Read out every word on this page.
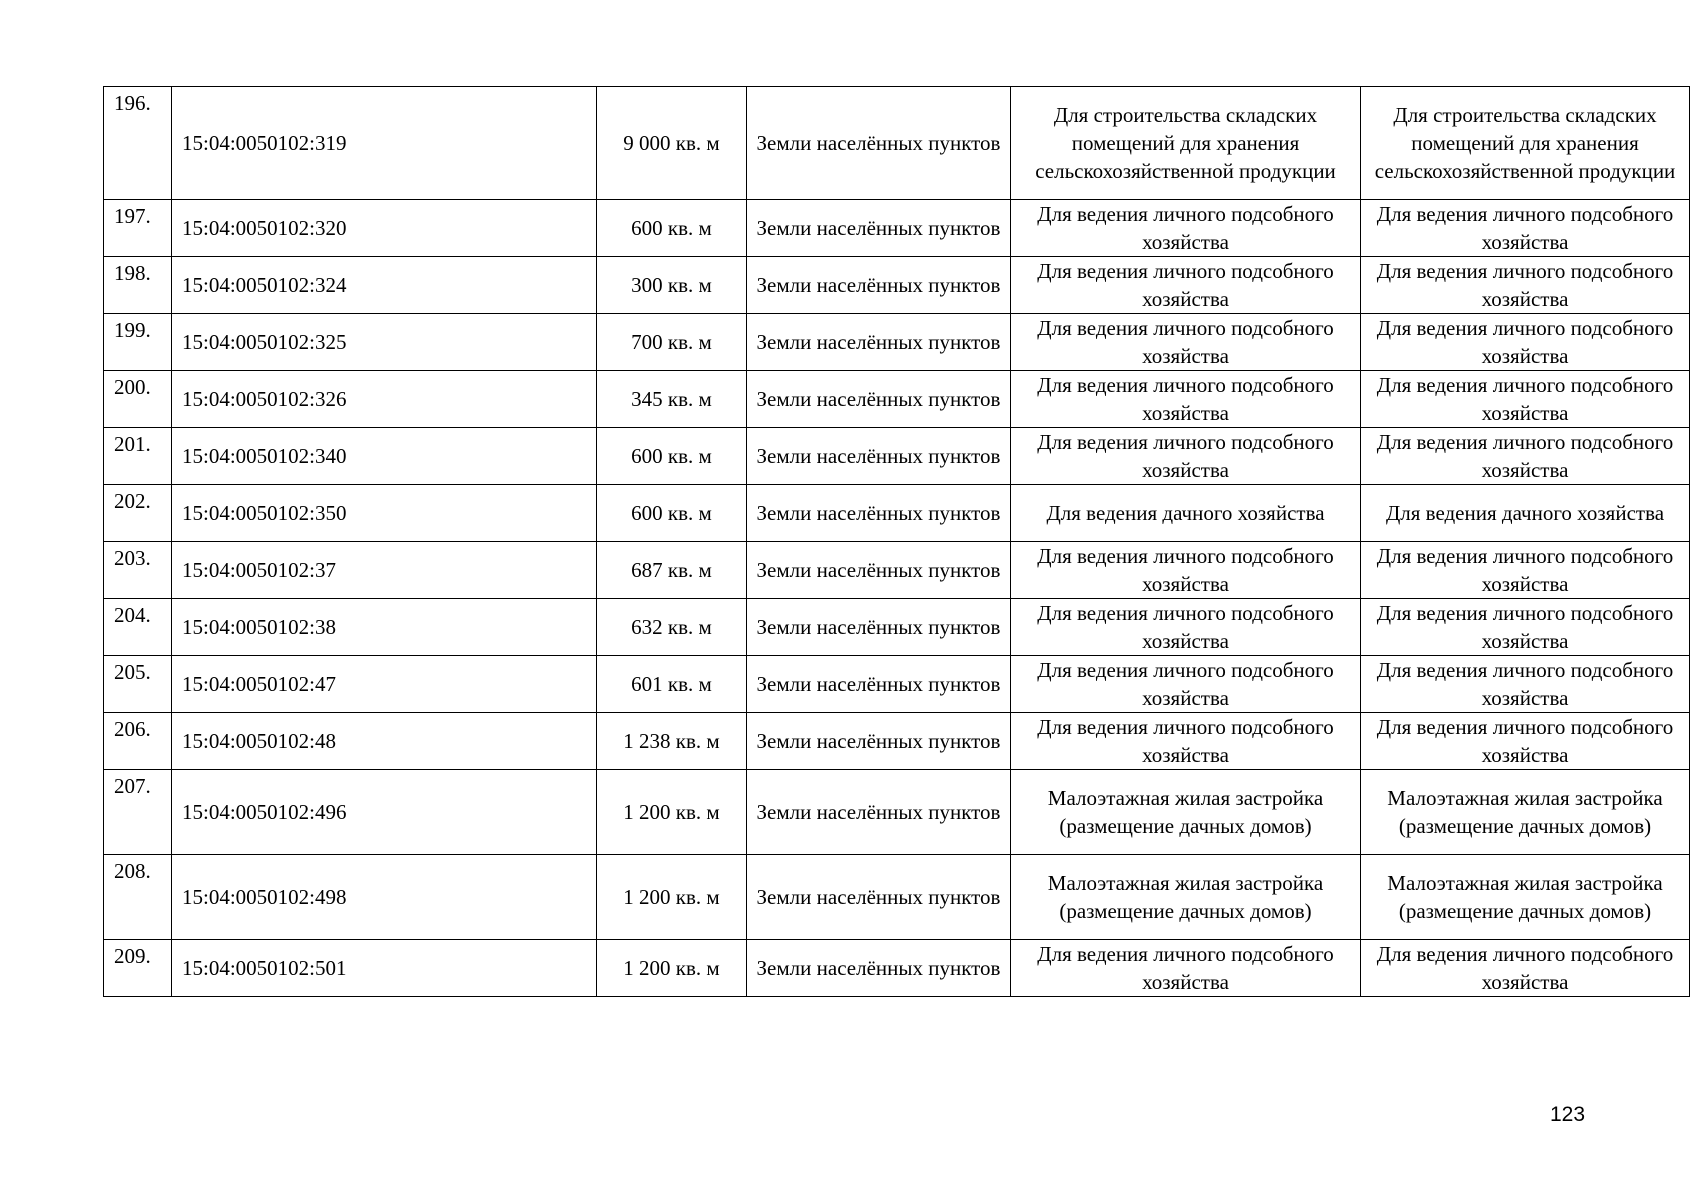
196.	15:04:0050102:319	9 000 кв. м	Земли населённых пунктов	Для строительства складских помещений для хранения сельскохозяйственной продукции	Для строительства складских помещений для хранения сельскохозяйственной продукции
197.	15:04:0050102:320	600 кв. м	Земли населённых пунктов	Для ведения личного подсобного хозяйства	Для ведения личного подсобного хозяйства
198.	15:04:0050102:324	300 кв. м	Земли населённых пунктов	Для ведения личного подсобного хозяйства	Для ведения личного подсобного хозяйства
199.	15:04:0050102:325	700 кв. м	Земли населённых пунктов	Для ведения личного подсобного хозяйства	Для ведения личного подсобного хозяйства
200.	15:04:0050102:326	345 кв. м	Земли населённых пунктов	Для ведения личного подсобного хозяйства	Для ведения личного подсобного хозяйства
201.	15:04:0050102:340	600 кв. м	Земли населённых пунктов	Для ведения личного подсобного хозяйства	Для ведения личного подсобного хозяйства
202.	15:04:0050102:350	600 кв. м	Земли населённых пунктов	Для ведения дачного хозяйства	Для ведения дачного хозяйства
203.	15:04:0050102:37	687 кв. м	Земли населённых пунктов	Для ведения личного подсобного хозяйства	Для ведения личного подсобного хозяйства
204.	15:04:0050102:38	632 кв. м	Земли населённых пунктов	Для ведения личного подсобного хозяйства	Для ведения личного подсобного хозяйства
205.	15:04:0050102:47	601 кв. м	Земли населённых пунктов	Для ведения личного подсобного хозяйства	Для ведения личного подсобного хозяйства
206.	15:04:0050102:48	1 238 кв. м	Земли населённых пунктов	Для ведения личного подсобного хозяйства	Для ведения личного подсобного хозяйства
207.	15:04:0050102:496	1 200 кв. м	Земли населённых пунктов	Малоэтажная жилая застройка (размещение дачных домов)	Малоэтажная жилая застройка (размещение дачных домов)
208.	15:04:0050102:498	1 200 кв. м	Земли населённых пунктов	Малоэтажная жилая застройка (размещение дачных домов)	Малоэтажная жилая застройка (размещение дачных домов)
209.	15:04:0050102:501	1 200 кв. м	Земли населённых пунктов	Для ведения личного подсобного хозяйства	Для ведения личного подсобного хозяйства
123
